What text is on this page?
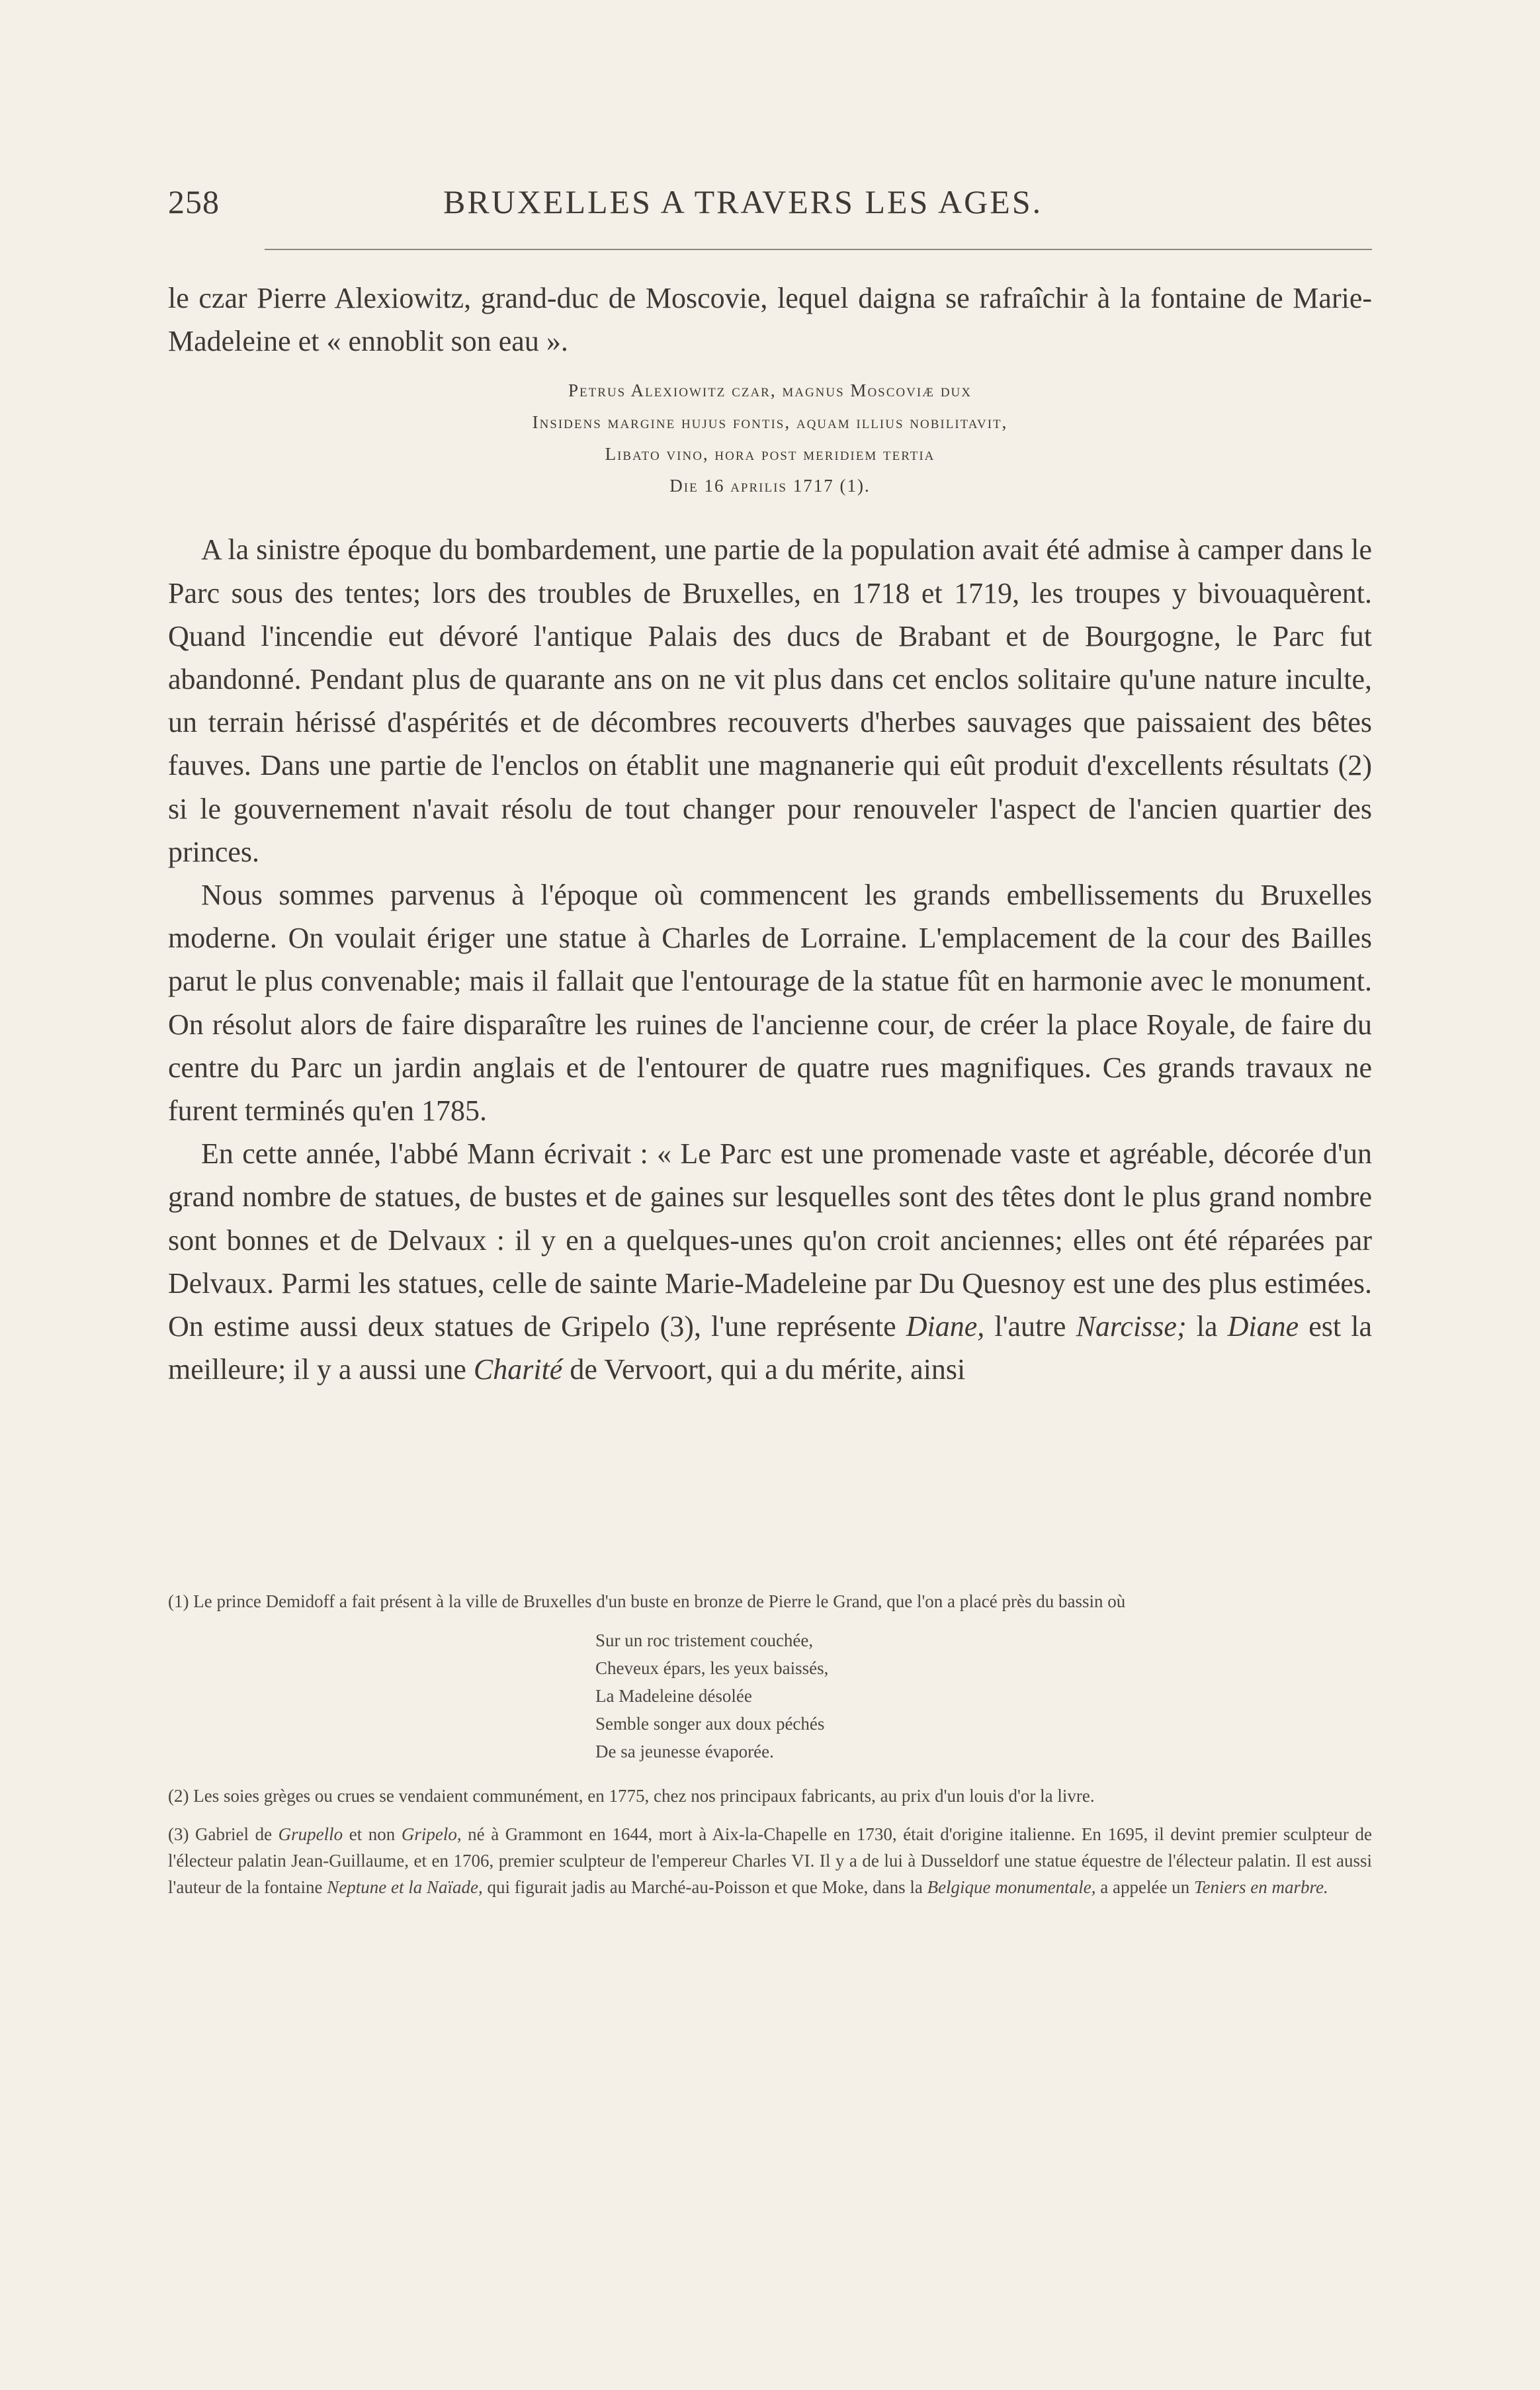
258	BRUXELLES A TRAVERS LES AGES.

le czar Pierre Alexiowitz, grand-duc de Moscovie, lequel daigna se rafraîchir à la fontaine de Marie-Madeleine et « ennoblit son eau ».

Petrus Alexiowitz czar, magnus Moscoviæ dux
Insidens margine hujus fontis, aquam illius nobilitavit,
Libato vino, hora post meridiem tertia
Die 16 aprilis 1717 (1).

A la sinistre époque du bombardement, une partie de la population avait été admise à camper dans le Parc sous des tentes; lors des troubles de Bruxelles, en 1718 et 1719, les troupes y bivouaquèrent. Quand l'incendie eut dévoré l'antique Palais des ducs de Brabant et de Bourgogne, le Parc fut abandonné. Pendant plus de quarante ans on ne vit plus dans cet enclos solitaire qu'une nature inculte, un terrain hérissé d'aspérités et de décombres recouverts d'herbes sauvages que paissaient des bêtes fauves. Dans une partie de l'enclos on établit une magnanerie qui eût produit d'excellents résultats (2) si le gouvernement n'avait résolu de tout changer pour renouveler l'aspect de l'ancien quartier des princes.

Nous sommes parvenus à l'époque où commencent les grands embellissements du Bruxelles moderne. On voulait ériger une statue à Charles de Lorraine. L'emplacement de la cour des Bailles parut le plus convenable; mais il fallait que l'entourage de la statue fût en harmonie avec le monument. On résolut alors de faire disparaître les ruines de l'ancienne cour, de créer la place Royale, de faire du centre du Parc un jardin anglais et de l'entourer de quatre rues magnifiques. Ces grands travaux ne furent terminés qu'en 1785.

En cette année, l'abbé Mann écrivait : « Le Parc est une promenade vaste et agréable, décorée d'un grand nombre de statues, de bustes et de gaines sur lesquelles sont des têtes dont le plus grand nombre sont bonnes et de Delvaux : il y en a quelques-unes qu'on croit anciennes; elles ont été réparées par Delvaux. Parmi les statues, celle de sainte Marie-Madeleine par Du Quesnoy est une des plus estimées. On estime aussi deux statues de Gripelo (3), l'une représente Diane, l'autre Narcisse; la Diane est la meilleure; il y a aussi une Charité de Vervoort, qui a du mérite, ainsi

(1) Le prince Demidoff a fait présent à la ville de Bruxelles d'un buste en bronze de Pierre le Grand, que l'on a placé près du bassin où

Sur un roc tristement couchée,
Cheveux épars, les yeux baissés,
La Madeleine désolée
Semble songer aux doux péchés
De sa jeunesse évaporée.

(2) Les soies grèges ou crues se vendaient communément, en 1775, chez nos principaux fabricants, au prix d'un louis d'or la livre.

(3) Gabriel de Grupello et non Gripelo, né à Grammont en 1644, mort à Aix-la-Chapelle en 1730, était d'origine italienne. En 1695, il devint premier sculpteur de l'électeur palatin Jean-Guillaume, et en 1706, premier sculpteur de l'empereur Charles VI. Il y a de lui à Dusseldorf une statue équestre de l'électeur palatin. Il est aussi l'auteur de la fontaine Neptune et la Naïade, qui figurait jadis au Marché-au-Poisson et que Moke, dans la Belgique monumentale, a appelée un Teniers en marbre.
